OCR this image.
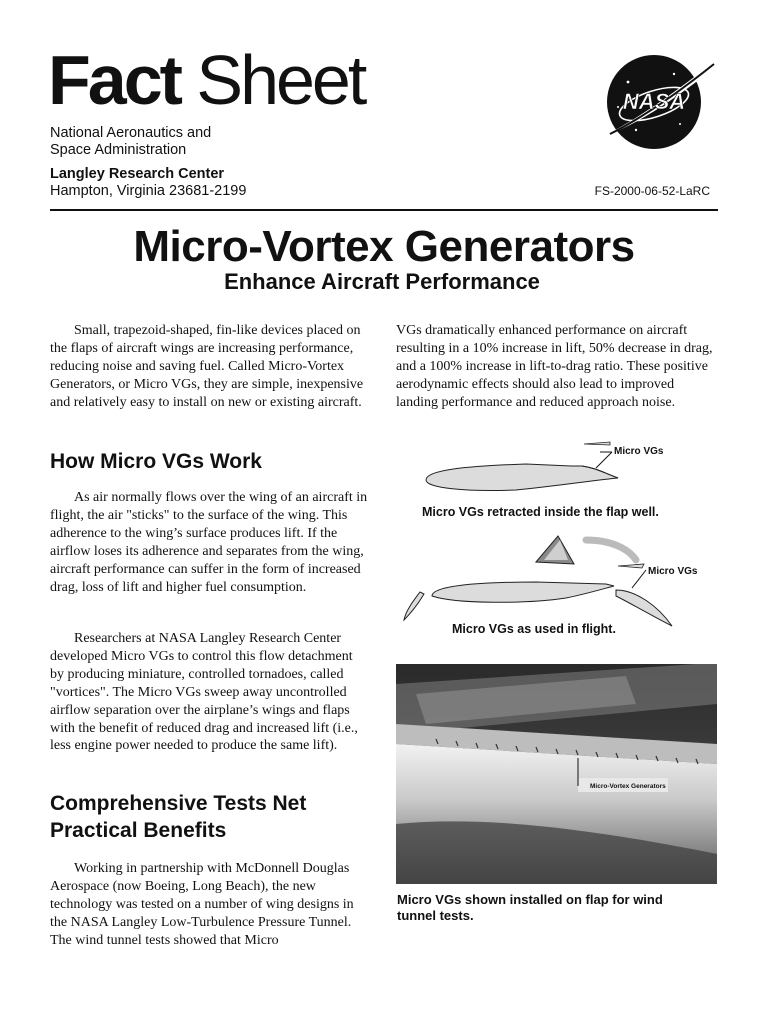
Fact Sheet
National Aeronautics and
Space Administration
Langley Research Center
Hampton, Virginia 23681-2199	FS-2000-06-52-LaRC
NASA
Micro-Vortex Generators
Enhance Aircraft Performance

Small, trapezoid-shaped, fin-like devices placed on the flaps of aircraft wings are increasing performance, reducing noise and saving fuel. Called Micro-Vortex Generators, or Micro VGs, they are simple, inexpensive and relatively easy to install on new or existing aircraft.

How Micro VGs Work

As air normally flows over the wing of an aircraft in flight, the air "sticks" to the surface of the wing. This adherence to the wing’s surface produces lift. If the airflow loses its adherence and separates from the wing, aircraft performance can suffer in the form of increased drag, loss of lift and higher fuel consumption.

Researchers at NASA Langley Research Center developed Micro VGs to control this flow detachment by producing miniature, controlled tornadoes, called "vortices". The Micro VGs sweep away uncontrolled airflow separation over the airplane’s wings and flaps with the benefit of reduced drag and increased lift (i.e., less engine power needed to produce the same lift).

Comprehensive Tests Net
Practical Benefits

Working in partnership with McDonnell Douglas Aerospace (now Boeing, Long Beach), the new technology was tested on a number of wing designs in the NASA Langley Low-Turbulence Pressure Tunnel. The wind tunnel tests showed that Micro

VGs dramatically enhanced performance on aircraft resulting in a 10% increase in lift, 50% decrease in drag, and a 100% increase in lift-to-drag ratio. These positive aerodynamic effects should also lead to improved landing performance and reduced approach noise.

Micro VGs
Micro VGs retracted inside the flap well.
Micro VGs
Micro VGs as used in flight.
Micro-Vortex Generators
Micro VGs shown installed on flap for wind tunnel tests.
